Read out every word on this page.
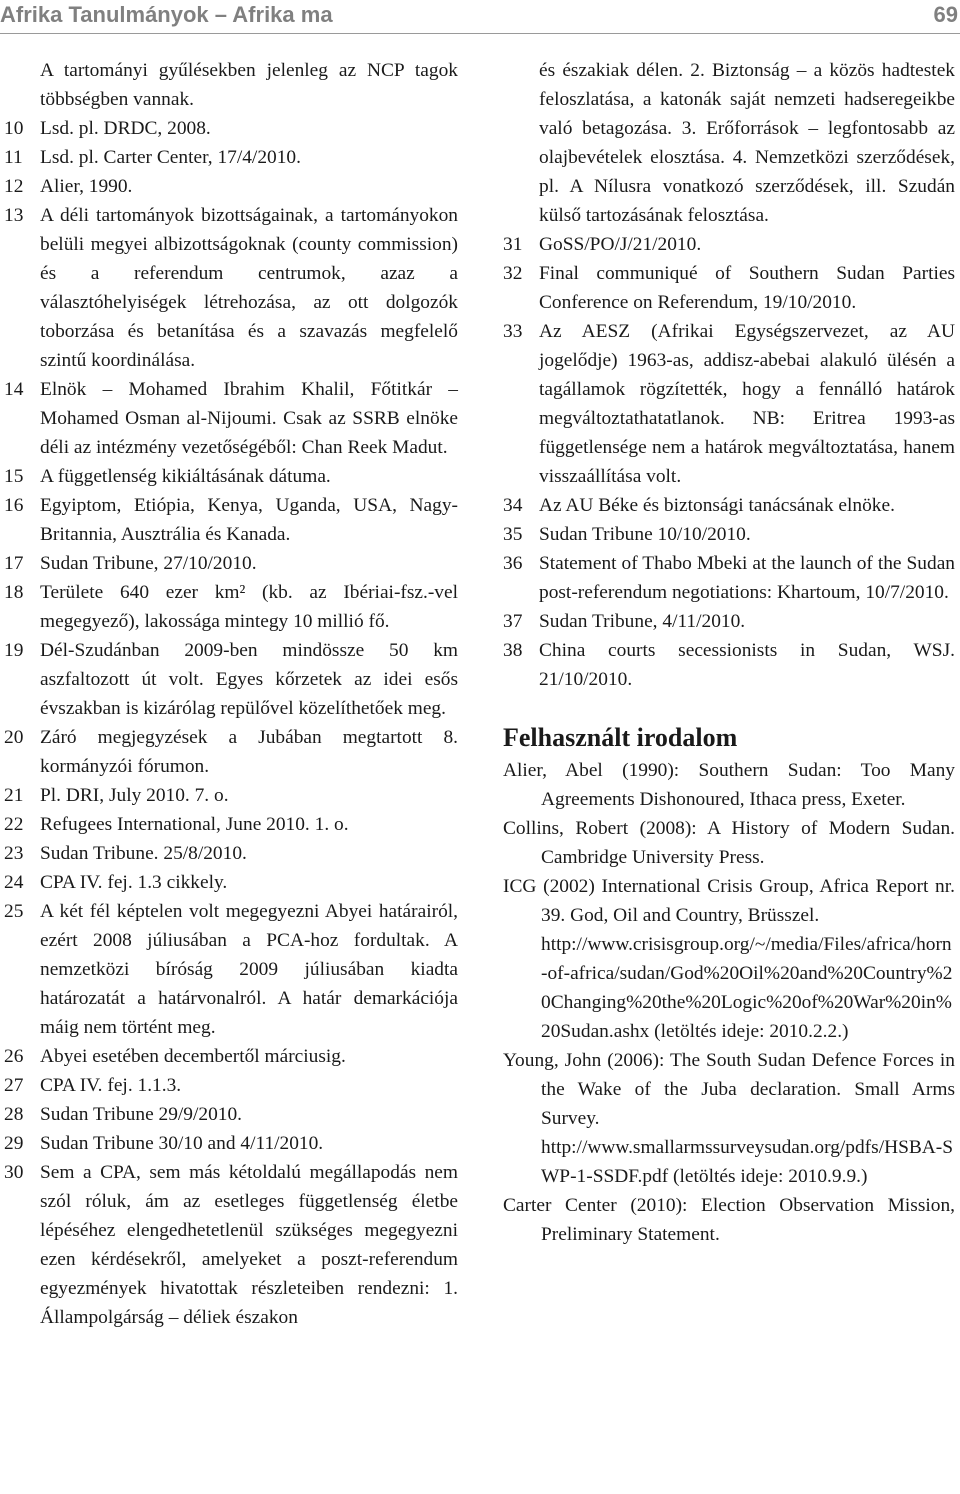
Afrika Tanulmányok – Afrika ma	69
A tartományi gyűlésekben jelenleg az NCP tagok többségben vannak.
10 Lsd. pl. DRDC, 2008.
11 Lsd. pl. Carter Center, 17/4/2010.
12 Alier, 1990.
13 A déli tartományok bizottságainak, a tartományokon belüli megyei albizottságoknak (county commission) és a referendum centrumok, azaz a választóhelyiségek létrehozása, az ott dolgozók toborzása és betanítása és a szavazás megfelelő szintű koordinálása.
14 Elnök – Mohamed Ibrahim Khalil, Főtitkár – Mohamed Osman al-Nijoumi. Csak az SSRB elnöke déli az intézmény vezetőségéből: Chan Reek Madut.
15 A függetlenség kikiáltásának dátuma.
16 Egyiptom, Etiópia, Kenya, Uganda, USA, Nagy-Britannia, Ausztrália és Kanada.
17 Sudan Tribune, 27/10/2010.
18 Területe 640 ezer km² (kb. az Ibériai-fsz.-vel megegyező), lakossága mintegy 10 millió fő.
19 Dél-Szudánban 2009-ben mindössze 50 km aszfaltozott út volt. Egyes kőrzetek az idei esős évszakban is kizárólag repülővel közelíthetőek meg.
20 Záró megjegyzések a Jubában megtartott 8. kormányzói fórumon.
21 Pl. DRI, July 2010. 7. o.
22 Refugees International, June 2010. 1. o.
23 Sudan Tribune. 25/8/2010.
24 CPA IV. fej. 1.3 cikkely.
25 A két fél képtelen volt megegyezni Abyei határairól, ezért 2008 júliusában a PCA-hoz fordultak. A nemzetközi bíróság 2009 júliusában kiadta határozatát a határvonalról. A határ demarkációja máig nem történt meg.
26 Abyei esetében decembertől márciusig.
27 CPA IV. fej. 1.1.3.
28 Sudan Tribune 29/9/2010.
29 Sudan Tribune 30/10 and 4/11/2010.
30 Sem a CPA, sem más kétoldalú megállapodás nem szól róluk, ám az esetleges függetlenség életbe lépéséhez elengedhetetlenül szükséges megegyezni ezen kérdésekről, amelyeket a poszt-referendum egyezmények hivatottak részleteiben rendezni: 1. Állampolgárság – déliek északon
és északiak délen. 2. Biztonság – a közös hadtestek feloszlatása, a katonák saját nemzeti hadseregeikbe való betagozása. 3. Erőforrások – legfontosabb az olajbevételek elosztása. 4. Nemzetközi szerződések, pl. A Nílusra vonatkozó szerződések, ill. Szudán külső tartozásának felosztása.
31 GoSS/PO/J/21/2010.
32 Final communiqué of Southern Sudan Parties Conference on Referendum, 19/10/2010.
33 Az AESZ (Afrikai Egységszervezet, az AU jogelődje) 1963-as, addisz-abebai alakuló ülésén a tagállamok rögzítették, hogy a fennálló határok megváltoztathatatlanok. NB: Eritrea 1993-as függetlensége nem a határok megváltoztatása, hanem visszaállítása volt.
34 Az AU Béke és biztonsági tanácsának elnöke.
35 Sudan Tribune 10/10/2010.
36 Statement of Thabo Mbeki at the launch of the Sudan post-referendum negotiations: Khartoum, 10/7/2010.
37 Sudan Tribune, 4/11/2010.
38 China courts secessionists in Sudan, WSJ. 21/10/2010.
Felhasznált irodalom
Alier, Abel (1990): Southern Sudan: Too Many Agreements Dishonoured, Ithaca press, Exeter.
Collins, Robert (2008): A History of Modern Sudan. Cambridge University Press.
ICG (2002) International Crisis Group, Africa Report nr. 39. God, Oil and Country, Brüsszel.
http://www.crisisgroup.org/~/media/Files/africa/horn-of-africa/sudan/God%20Oil%20and%20Country%20Changing%20the%20Logic%20of%20War%20in%20Sudan.ashx (letöltés ideje: 2010.2.2.)
Young, John (2006): The South Sudan Defence Forces in the Wake of the Juba declaration. Small Arms Survey.
http://www.smallarmssurveysudan.org/pdfs/HSBA-SWP-1-SSDF.pdf (letöltés ideje: 2010.9.9.)
Carter Center (2010): Election Observation Mission, Preliminary Statement.
